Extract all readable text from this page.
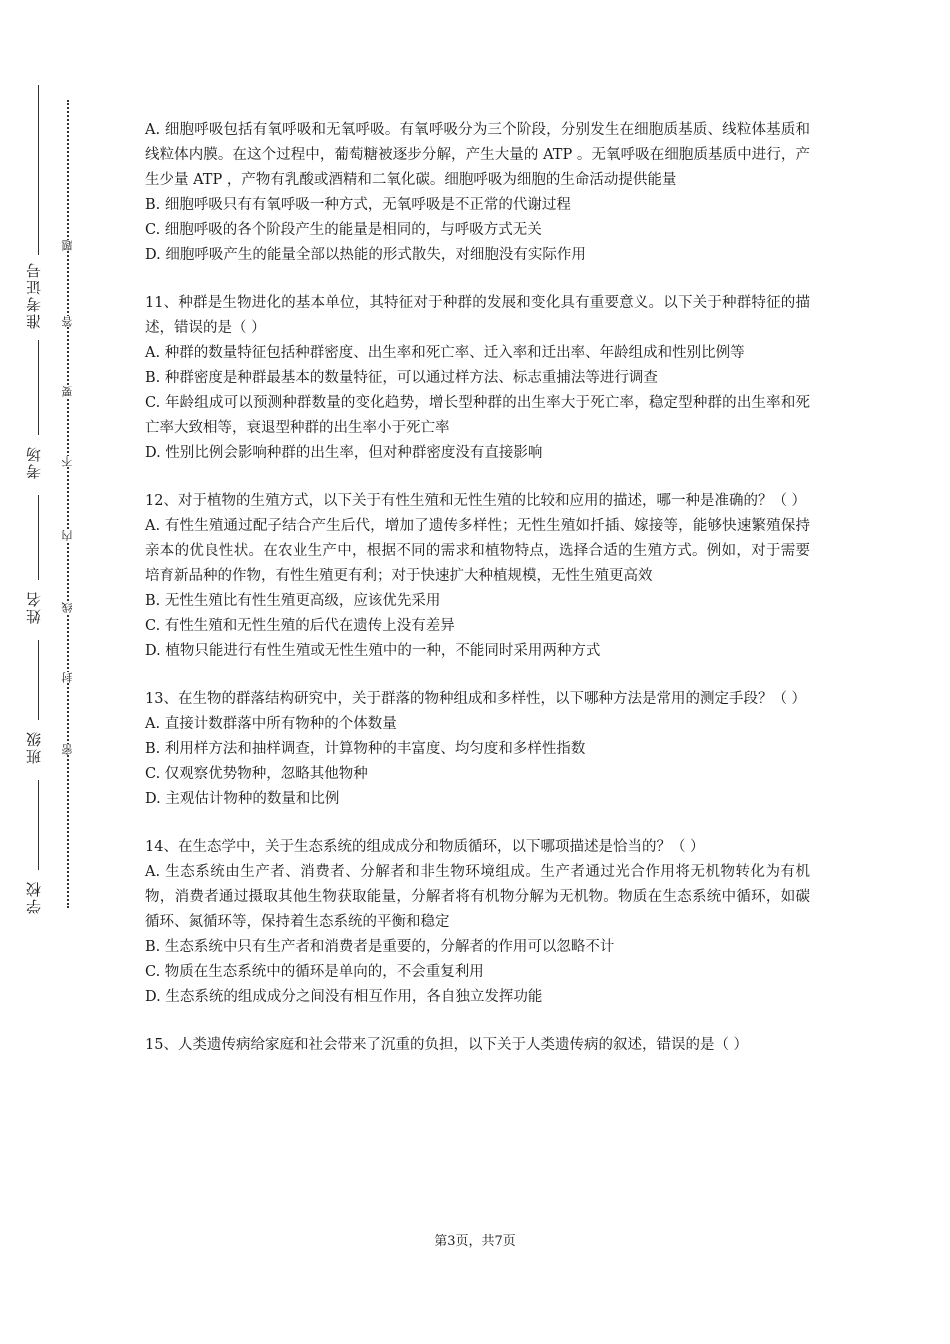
准考证号
考场
姓名
班级
学校
题
答
要
不
内
线
封
密

A. 细胞呼吸包括有氧呼吸和无氧呼吸。有氧呼吸分为三个阶段，分别发生在细胞质基质、线粒体基质和线粒体内膜。在这个过程中，葡萄糖被逐步分解，产生大量的 ATP 。无氧呼吸在细胞质基质中进行，产生少量 ATP ，产物有乳酸或酒精和二氧化碳。细胞呼吸为细胞的生命活动提供能量

B. 细胞呼吸只有有氧呼吸一种方式，无氧呼吸是不正常的代谢过程

C. 细胞呼吸的各个阶段产生的能量是相同的，与呼吸方式无关

D. 细胞呼吸产生的能量全部以热能的形式散失，对细胞没有实际作用

11、种群是生物进化的基本单位，其特征对于种群的发展和变化具有重要意义。以下关于种群特征的描述，错误的是（ ）

A. 种群的数量特征包括种群密度、出生率和死亡率、迁入率和迁出率、年龄组成和性别比例等

B. 种群密度是种群最基本的数量特征，可以通过样方法、标志重捕法等进行调查

C. 年龄组成可以预测种群数量的变化趋势，增长型种群的出生率大于死亡率，稳定型种群的出生率和死亡率大致相等，衰退型种群的出生率小于死亡率

D. 性别比例会影响种群的出生率，但对种群密度没有直接影响

12、对于植物的生殖方式，以下关于有性生殖和无性生殖的比较和应用的描述，哪一种是准确的？（ ）

A. 有性生殖通过配子结合产生后代，增加了遗传多样性；无性生殖如扦插、嫁接等，能够快速繁殖保持亲本的优良性状。在农业生产中，根据不同的需求和植物特点，选择合适的生殖方式。例如，对于需要培育新品种的作物，有性生殖更有利；对于快速扩大种植规模，无性生殖更高效

B. 无性生殖比有性生殖更高级，应该优先采用

C. 有性生殖和无性生殖的后代在遗传上没有差异

D. 植物只能进行有性生殖或无性生殖中的一种，不能同时采用两种方式

13、在生物的群落结构研究中，关于群落的物种组成和多样性，以下哪种方法是常用的测定手段？（ ）

A. 直接计数群落中所有物种的个体数量

B. 利用样方法和抽样调查，计算物种的丰富度、均匀度和多样性指数

C. 仅观察优势物种，忽略其他物种

D. 主观估计物种的数量和比例

14、在生态学中，关于生态系统的组成成分和物质循环，以下哪项描述是恰当的？（ ）

A. 生态系统由生产者、消费者、分解者和非生物环境组成。生产者通过光合作用将无机物转化为有机物，消费者通过摄取其他生物获取能量，分解者将有机物分解为无机物。物质在生态系统中循环，如碳循环、氮循环等，保持着生态系统的平衡和稳定

B. 生态系统中只有生产者和消费者是重要的，分解者的作用可以忽略不计

C. 物质在生态系统中的循环是单向的，不会重复利用

D. 生态系统的组成成分之间没有相互作用，各自独立发挥功能

15、人类遗传病给家庭和社会带来了沉重的负担，以下关于人类遗传病的叙述，错误的是（ ）

第3页，共7页
